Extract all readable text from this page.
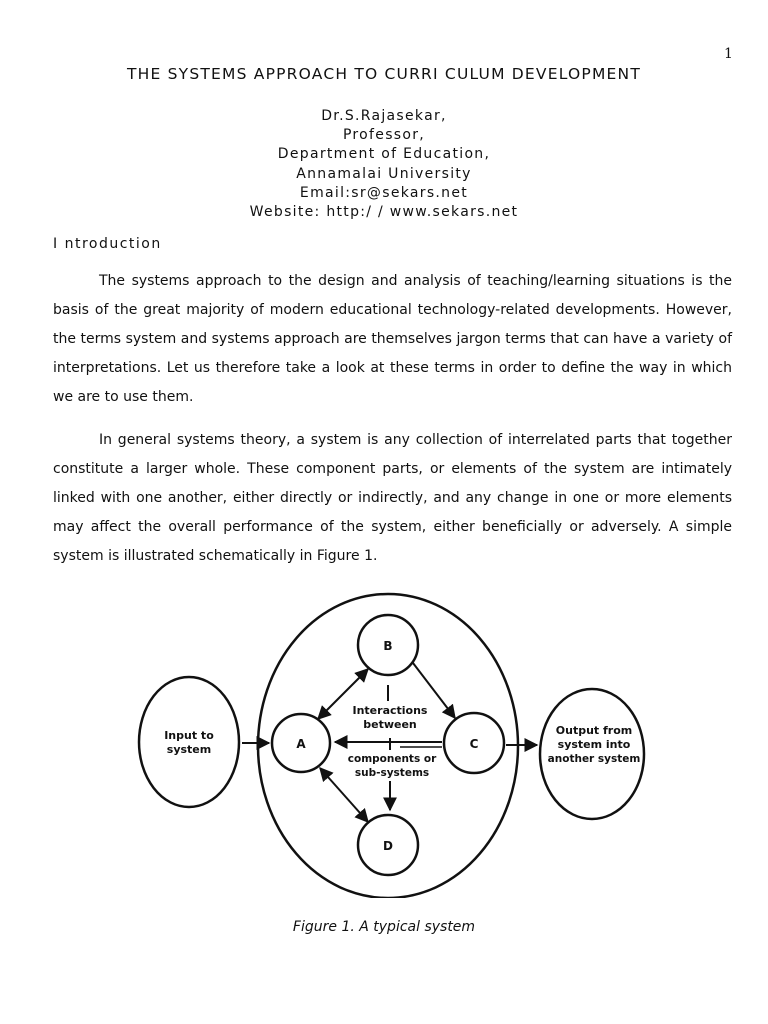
1
THE SYSTEMS APPROACH TO CURRI CULUM DEVELOPMENT
Dr.S.Rajasekar,
Professor,
Department of Education,
Annamalai University
Email:sr@sekars.net
Website: http:/ / www.sekars.net
I ntroduction

The systems approach to the design and analysis of teaching/learning situations is the basis of the great majority of modern educational technology-related developments. However, the terms system and systems approach are themselves jargon terms that can have a variety of interpretations. Let us therefore take a look at these terms in order to define the way in which we are to use them.

In general systems theory, a system is any collection of interrelated parts that together constitute a larger whole. These component parts, or elements of the system are intimately linked with one another, either directly or indirectly, and any change in one or more elements may affect the overall performance of the system, either beneficially or adversely. A simple system is illustrated schematically in Figure 1.

Input to
system
Output from
system into
another system
B
A	C
D
Interactions
between
components or
sub-systems
Figure 1. A typical system
